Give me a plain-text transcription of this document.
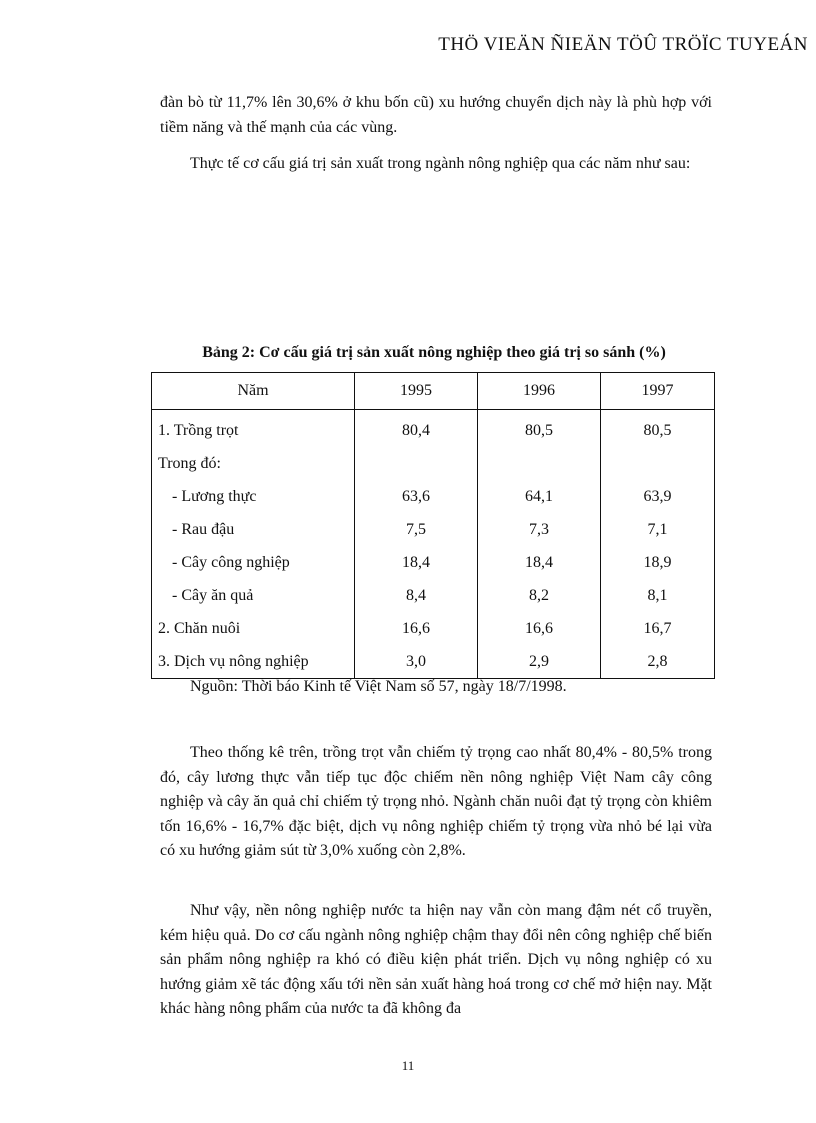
THÖ VIEÄN ÑIEÄN TÖÛ TRÖÏC TUYEÁN

đàn bò từ 11,7% lên 30,6% ở khu bốn cũ) xu hướng chuyển dịch này là phù hợp với tiềm năng và thế mạnh của các vùng.

Thực tế cơ cấu giá trị sản xuất trong ngành nông nghiệp qua các năm như sau:

Bảng 2: Cơ cấu giá trị sản xuất nông nghiệp theo giá trị so sánh (%)
Năm	1995	1996	1997
1. Trồng trọt	80,4	80,5	80,5
Trong đó:			
- Lương thực	63,6	64,1	63,9
- Rau đậu	7,5	7,3	7,1
- Cây công nghiệp	18,4	18,4	18,9
- Cây ăn quả	8,4	8,2	8,1
2. Chăn nuôi	16,6	16,6	16,7
3. Dịch vụ nông nghiệp	3,0	2,9	2,8
Nguồn: Thời báo Kinh tế Việt Nam số 57, ngày 18/7/1998.

Theo thống kê trên, trồng trọt vẫn chiếm tỷ trọng cao nhất 80,4% - 80,5% trong đó, cây lương thực vẫn tiếp tục độc chiếm nền nông nghiệp Việt Nam cây công nghiệp và cây ăn quả chỉ chiếm tỷ trọng nhỏ. Ngành chăn nuôi đạt tỷ trọng còn khiêm tốn 16,6% - 16,7% đặc biệt, dịch vụ nông nghiệp chiếm tỷ trọng vừa nhỏ bé lại vừa có xu hướng giảm sút từ 3,0% xuống còn 2,8%.

Như vậy, nền nông nghiệp nước ta hiện nay vẫn còn mang đậm nét cổ truyền, kém hiệu quả. Do cơ cấu ngành nông nghiệp chậm thay đổi nên công nghiệp chế biến sản phẩm nông nghiệp ra khó có điều kiện phát triển. Dịch vụ nông nghiệp có xu hướng giảm xẽ tác động xấu tới nền sản xuất hàng hoá trong cơ chế mở hiện nay. Mặt khác hàng nông phẩm của nước ta đã không đa

11
